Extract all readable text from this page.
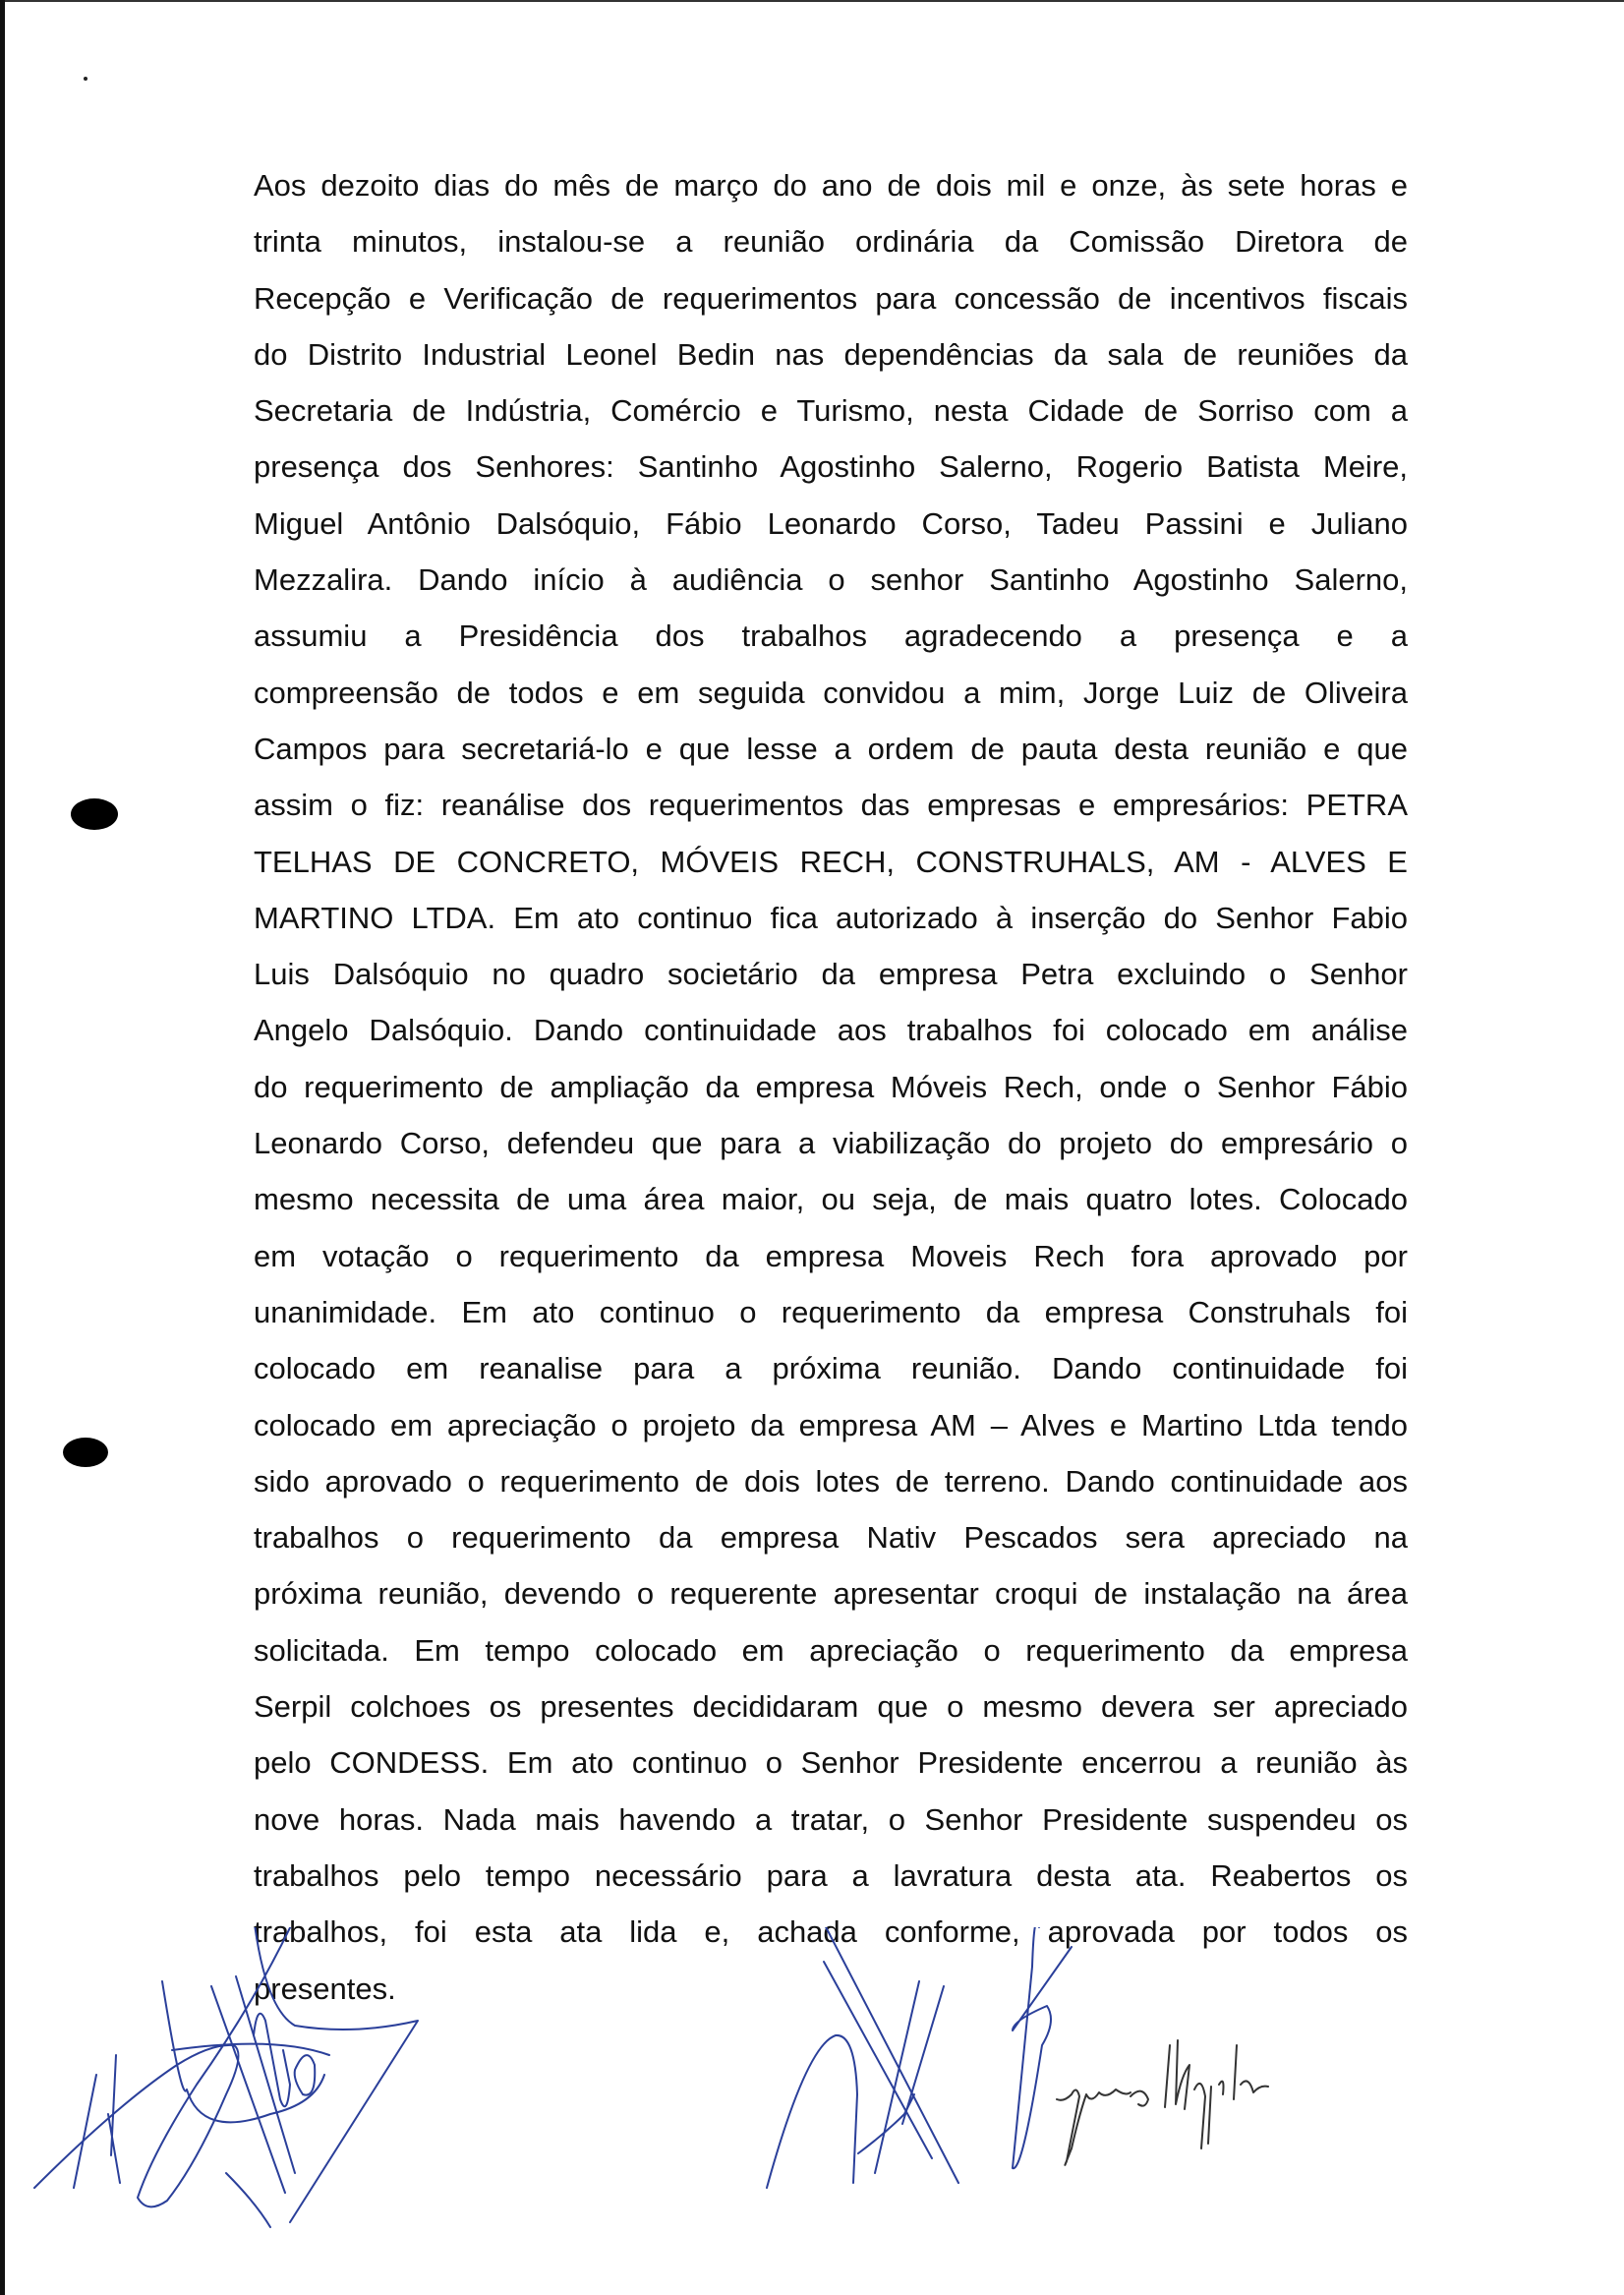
Aos dezoito dias do mês de março do ano de dois mil e onze, às sete horas e
trinta minutos, instalou-se a reunião ordinária da Comissão Diretora de
Recepção e Verificação de requerimentos para concessão de incentivos fiscais
do Distrito Industrial Leonel Bedin nas dependências da sala de reuniões da
Secretaria de Indústria, Comércio e Turismo, nesta Cidade de Sorriso com a
presença dos Senhores: Santinho Agostinho Salerno, Rogerio Batista Meire,
Miguel Antônio Dalsóquio, Fábio Leonardo Corso, Tadeu Passini e Juliano
Mezzalira. Dando início à audiência o senhor Santinho Agostinho Salerno,
assumiu a Presidência dos trabalhos agradecendo a presença e a
compreensão de todos e em seguida convidou a mim, Jorge Luiz de Oliveira
Campos para secretariá-lo e que lesse a ordem de pauta desta reunião e que
assim o fiz: reanálise dos requerimentos das empresas e empresários: PETRA
TELHAS DE CONCRETO, MÓVEIS RECH, CONSTRUHALS, AM - ALVES E
MARTINO LTDA. Em ato continuo fica autorizado à inserção do Senhor Fabio
Luis Dalsóquio no quadro societário da empresa Petra excluindo o Senhor
Angelo Dalsóquio. Dando continuidade aos trabalhos foi colocado em análise
do requerimento de ampliação da empresa Móveis Rech, onde o Senhor Fábio
Leonardo Corso, defendeu que para a viabilização do projeto do empresário o
mesmo necessita de uma área maior, ou seja, de mais quatro lotes. Colocado
em votação o requerimento da empresa Moveis Rech fora aprovado por
unanimidade. Em ato continuo o requerimento da empresa Construhals foi
colocado em reanalise para a próxima reunião. Dando continuidade foi
colocado em apreciação o projeto da empresa AM – Alves e Martino Ltda tendo
sido aprovado o requerimento de dois lotes de terreno. Dando continuidade aos
trabalhos o requerimento da empresa Nativ Pescados sera apreciado na
próxima reunião, devendo o requerente apresentar croqui de instalação na área
solicitada. Em tempo colocado em apreciação o requerimento da empresa
Serpil colchoes os presentes decididaram que o mesmo devera ser apreciado
pelo CONDESS. Em ato continuo o Senhor Presidente encerrou a reunião às
nove horas. Nada mais havendo a tratar, o Senhor Presidente suspendeu os
trabalhos pelo tempo necessário para a lavratura desta ata. Reabertos os
trabalhos, foi esta ata lida e, achada conforme, aprovada por todos os
presentes.
